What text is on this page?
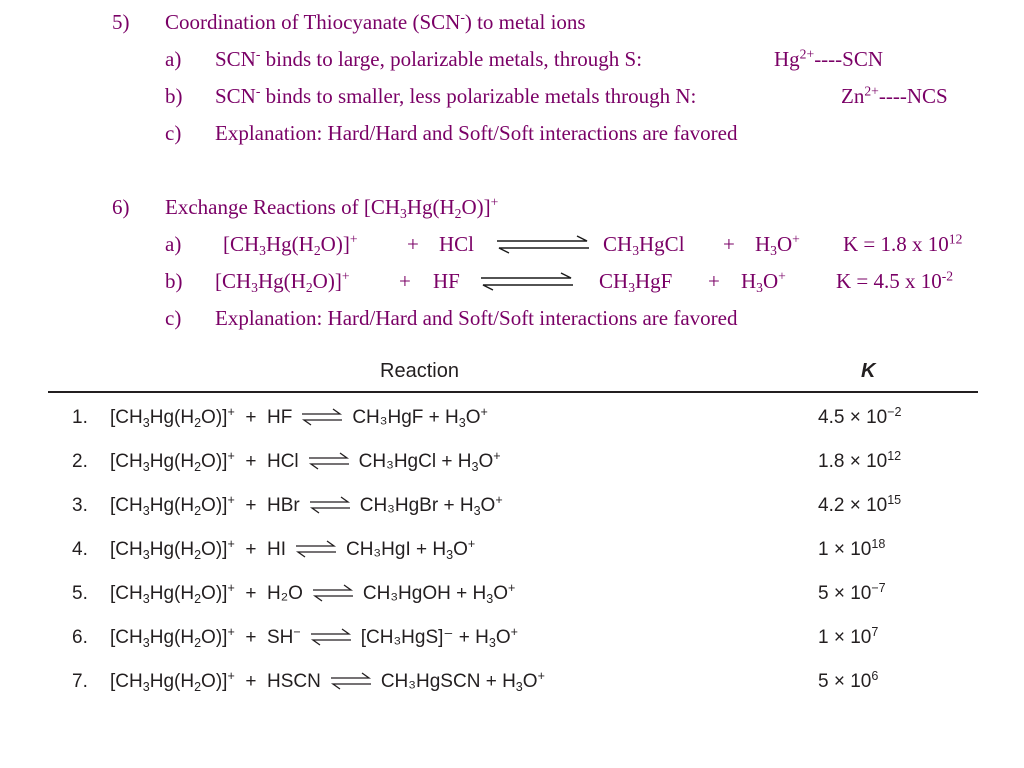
5) Coordination of Thiocyanate (SCN-) to metal ions
a) SCN- binds to large, polarizable metals, through S:	$Hg^{2+}---$-SCN
b) SCN- binds to smaller, less polarizable metals through N:	$Zn^{2+}---$-NCS
c) Explanation: Hard/Hard and Soft/Soft interactions are favored
6) Exchange Reactions of $[CH_3Hg(H_2O)]^+$
a) $[CH_3Hg(H_2O)]^+$ + HCl	$CH_3HgCl + H_3O^+$ K = 1.8 x $10^{12}$
b) $[CH_3Hg(H_2O)]^+$ + HF	$CH_3HgF + H_3O^+$ K = 4.5 x $10^{-2}$
c) Explanation: Hard/Hard and Soft/Soft interactions are favored
Reaction	K
1. $[CH_3Hg(H_2O)]^+$  +  HF ⇌ $CH_3HgF + H_3O^+$	$4.5 \times 10^{-2}$
2. $[CH_3Hg(H_2O)]^+$  +  HCl ⇌ CH₃HgCl + $H_3O^+$	$1.8 \times 10^{12}$
3. $[CH_3Hg(H_2O)]^+$  +  HBr ⇌ CH₃HgBr + $H_3O^+$	$4.2 \times 10^{15}$
4. $[CH_3Hg(H_2O)]^+$  +  HI ⇌ $CH_3HgI + H_3O^+$	$1 \times 10^{18}$
5. $[CH_3Hg(H_2O)]^+ + H_2O$ ⇌ CH₃HgOH + $H_3O^+$	$5 \times 10^{-7}$
6. $[CH_3Hg(H_2O)]^+ + SH^-$ ⇌ $[CH_3HgS]^- + H_3O^+$	$1 \times 10^7$
7. $[CH_3Hg(H_2O)]^+$  +  HSCN ⇌ CH₃HgSCN + $H_3O^+$	$5 \times 10^6$
